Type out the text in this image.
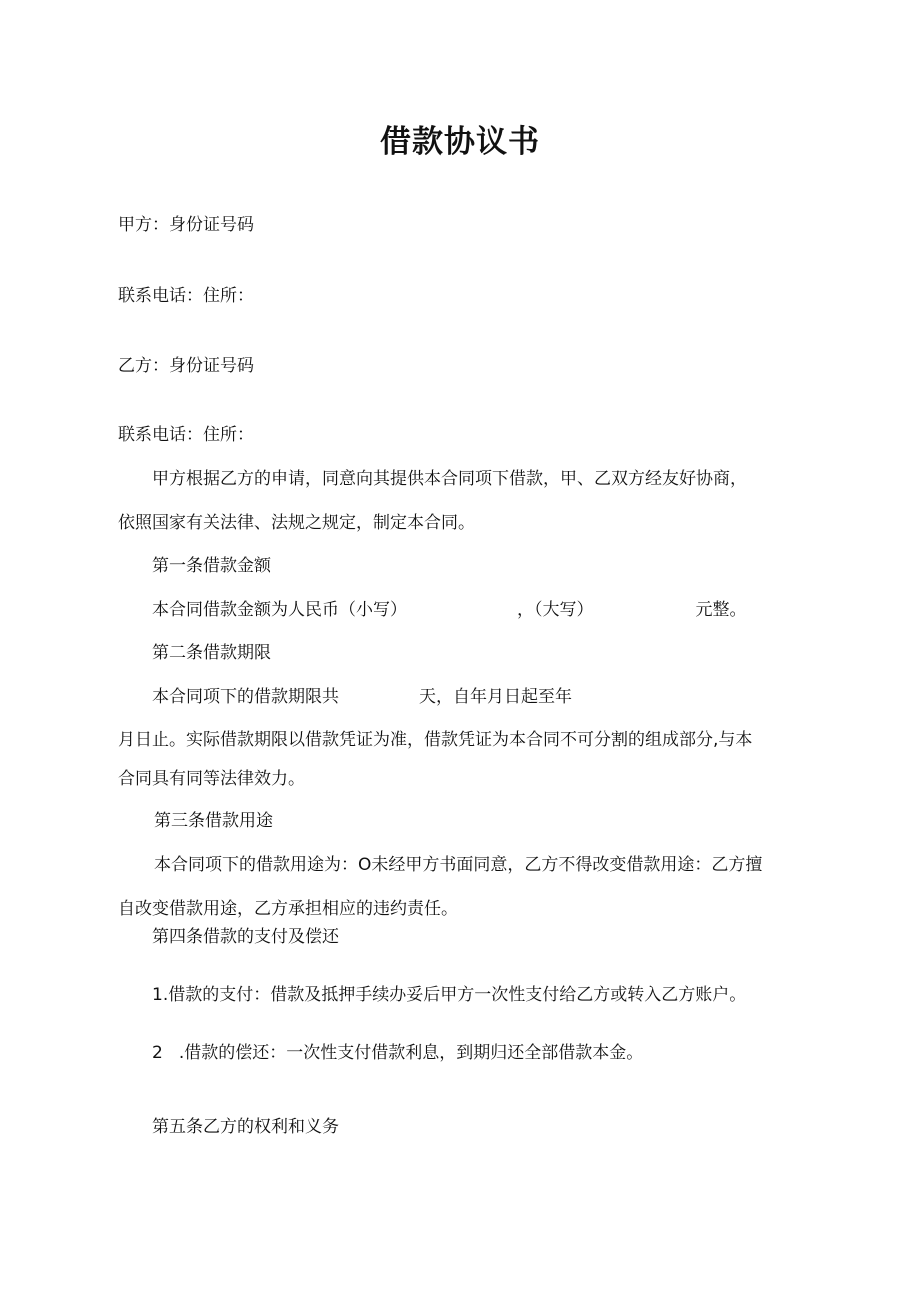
借款协议书
甲方：身份证号码
联系电话：住所：
乙方：身份证号码
联系电话：住所：
甲方根据乙方的申请，同意向其提供本合同项下借款，甲、乙双方经友好协商，
依照国家有关法律、法规之规定，制定本合同。
第一条借款金额
本合同借款金额为人民币（小写）	，（大写）	元整。
第二条借款期限
本合同项下的借款期限共	天，自年月日起至年
月日止。实际借款期限以借款凭证为准，借款凭证为本合同不可分割的组成部分,与本
合同具有同等法律效力。
第三条借款用途
本合同项下的借款用途为：O未经甲方书面同意，乙方不得改变借款用途：乙方擅
自改变借款用途，乙方承担相应的违约责任。
第四条借款的支付及偿还
1.借款的支付：借款及抵押手续办妥后甲方一次性支付给乙方或转入乙方账户。
2 .借款的偿还：一次性支付借款利息，到期归还全部借款本金。
第五条乙方的权利和义务
